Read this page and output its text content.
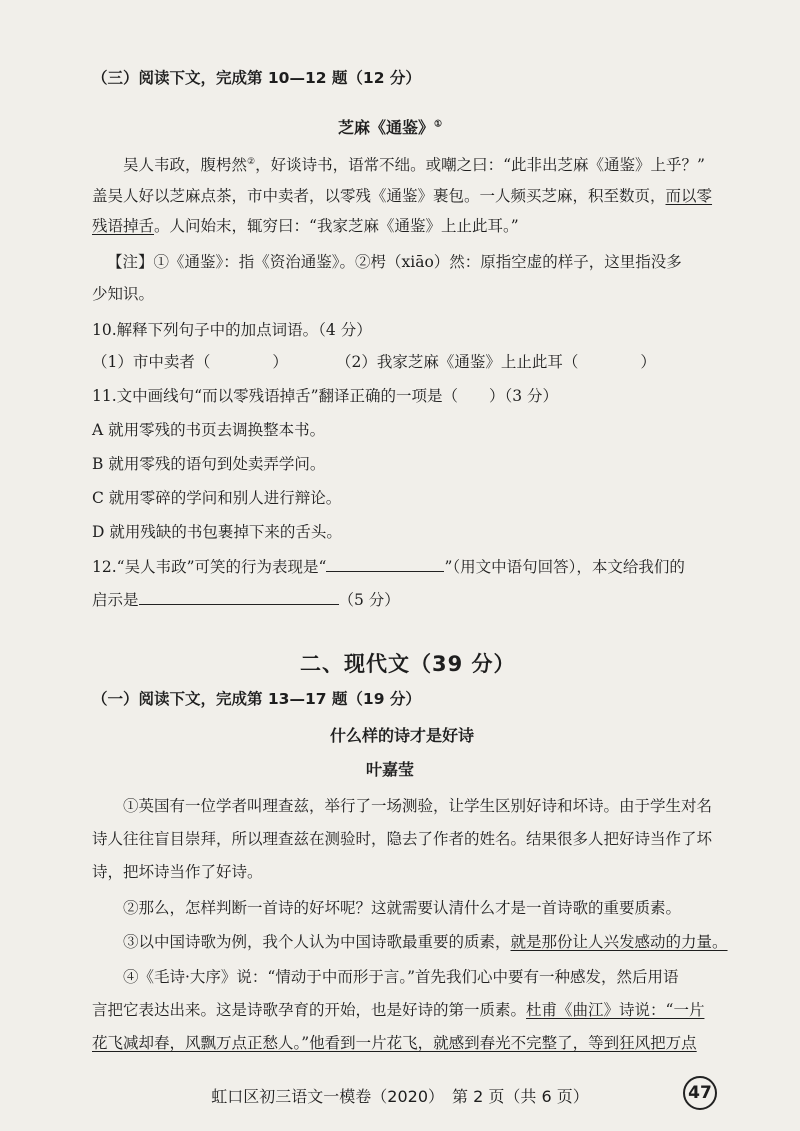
（三）阅读下文，完成第 10—12 题（12 分）
芝麻《通鉴》①
吴人韦政，腹枵然②，好谈诗书，语常不绌。或嘲之曰：“此非出芝麻《通鉴》上乎？”
盖吴人好以芝麻点茶，市中卖者，以零残《通鉴》裹包。一人频买芝麻，积至数页，而以零
残语掉舌。人问始末，辄穷曰：“我家芝麻《通鉴》上止此耳。”
【注】①《通鉴》：指《资治通鉴》。②枵（xiāo）然：原指空虚的样子，这里指没多
少知识。
10.解释下列句子中的加点词语。（4 分）
（1）市中卖者（　　　　）	（2）我家芝麻《通鉴》上止此耳（　　　　）
11.文中画线句“而以零残语掉舌”翻译正确的一项是（　　）（3 分）
A 就用零残的书页去调换整本书。
B 就用零残的语句到处卖弄学问。
C 就用零碎的学问和别人进行辩论。
D 就用残缺的书包裹掉下来的舌头。
12.“吴人韦政”可笑的行为表现是“	”（用文中语句回答），本文给我们的
启示是	（5 分）
二、现代文（39 分）
（一）阅读下文，完成第 13—17 题（19 分）
什么样的诗才是好诗
叶嘉莹
①英国有一位学者叫理查兹，举行了一场测验，让学生区别好诗和坏诗。由于学生对名
诗人往往盲目崇拜，所以理查兹在测验时，隐去了作者的姓名。结果很多人把好诗当作了坏
诗，把坏诗当作了好诗。
②那么，怎样判断一首诗的好坏呢？这就需要认清什么才是一首诗歌的重要质素。
③以中国诗歌为例，我个人认为中国诗歌最重要的质素，就是那份让人兴发感动的力量。
④《毛诗·大序》说：“情动于中而形于言。”首先我们心中要有一种感发，然后用语
言把它表达出来。这是诗歌孕育的开始，也是好诗的第一质素。杜甫《曲江》诗说：“一片
花飞减却春，风飘万点正愁人。”他看到一片花飞，就感到春光不完整了，等到狂风把万点
虹口区初三语文一模卷（2020）　第 2 页（共 6 页）	47
